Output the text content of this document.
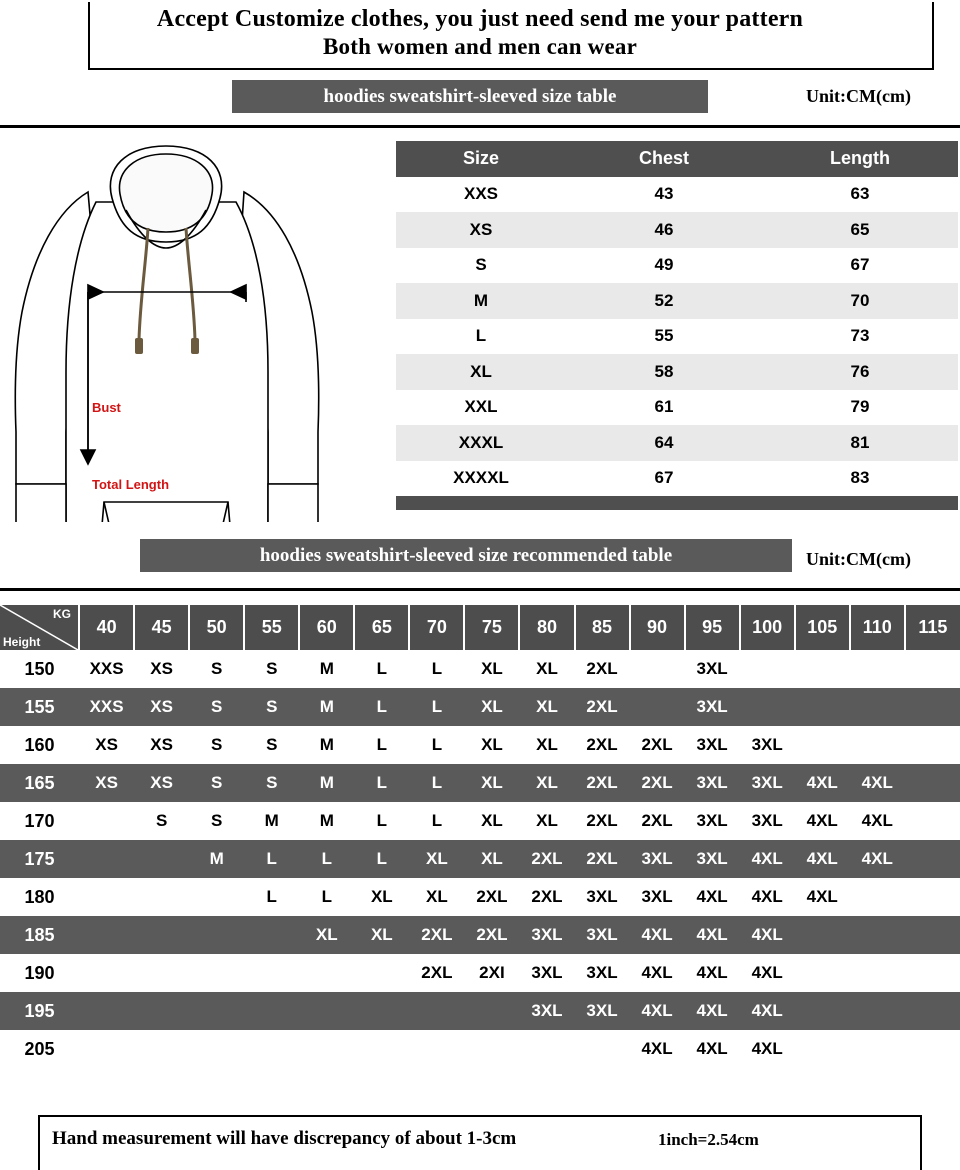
Accept Customize clothes, you just need send me your pattern
Both women and men can wear
hoodies sweatshirt-sleeved size table	Unit:CM(cm)
Bust
Total Length
Size	Chest	Length
XXS	43	63
XS	46	65
S	49	67
M	52	70
L	55	73
XL	58	76
XXL	61	79
XXXL	64	81
XXXXL	67	83

hoodies sweatshirt-sleeved size recommended table	Unit:CM(cm)
KG
Height	40	45	50	55	60	65	70	75	80	85	90	95	100	105	110	115
150	XXS	XS	S	S	M	L	L	XL	XL	2XL		3XL				
155	XXS	XS	S	S	M	L	L	XL	XL	2XL		3XL				
160	XS	XS	S	S	M	L	L	XL	XL	2XL	2XL	3XL	3XL			
165	XS	XS	S	S	M	L	L	XL	XL	2XL	2XL	3XL	3XL	4XL	4XL	
170		S	S	M	M	L	L	XL	XL	2XL	2XL	3XL	3XL	4XL	4XL	
175			M	L	L	L	XL	XL	2XL	2XL	3XL	3XL	4XL	4XL	4XL	
180				L	L	XL	XL	2XL	2XL	3XL	3XL	4XL	4XL	4XL		
185					XL	XL	2XL	2XL	3XL	3XL	4XL	4XL	4XL			
190							2XL	2XI	3XL	3XL	4XL	4XL	4XL			
195									3XL	3XL	4XL	4XL	4XL			
205											4XL	4XL	4XL			
Hand measurement will have discrepancy of about 1-3cm	1inch=2.54cm
